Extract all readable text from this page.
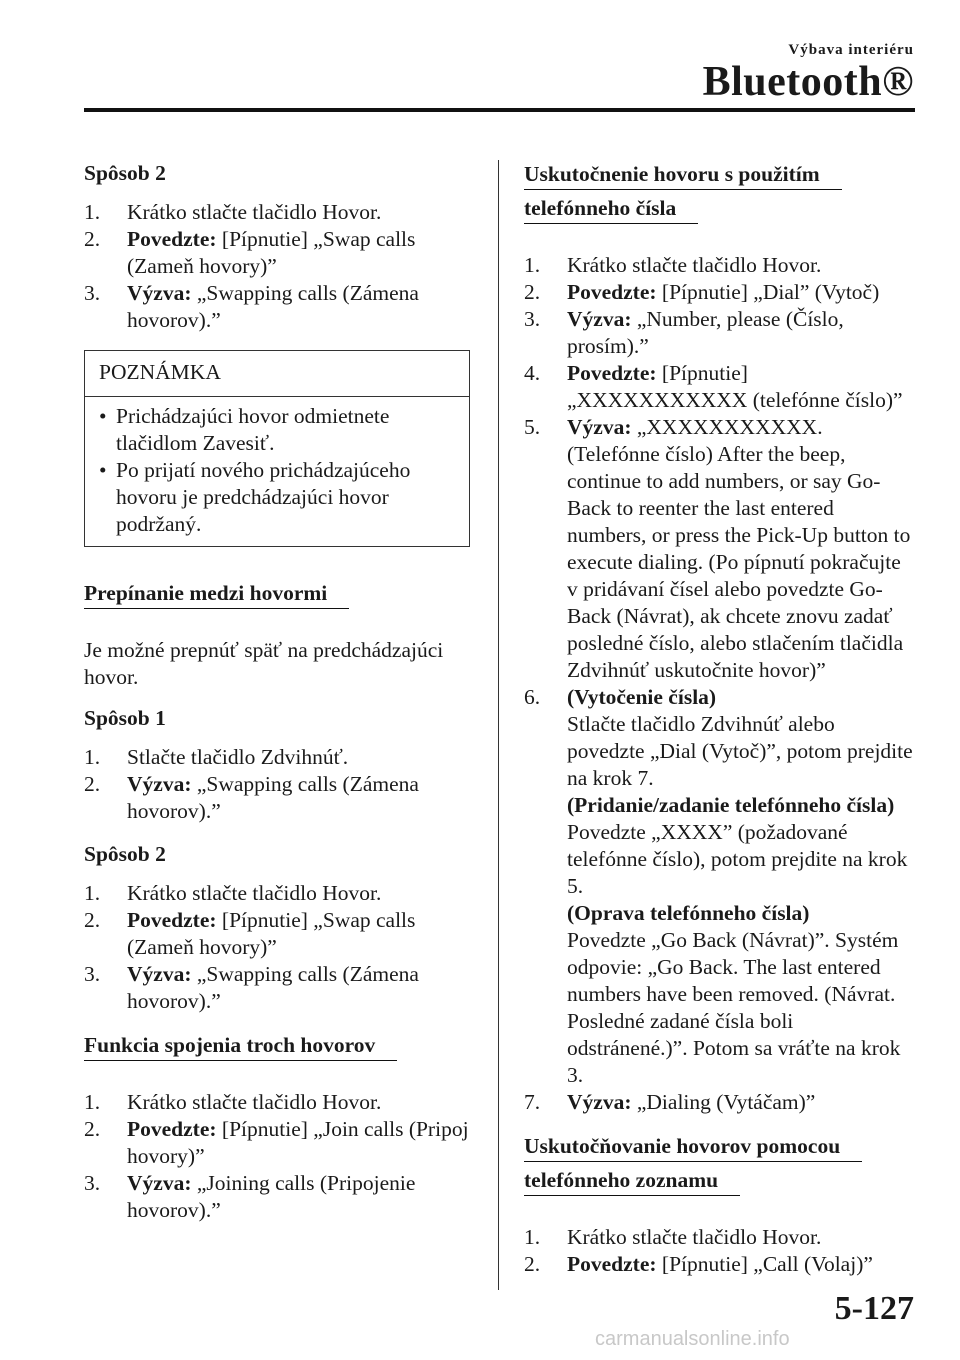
Výbava interiéru
Bluetooth®

Spôsob 2

1. Krátko stlačte tlačidlo Hovor.
2. Povedzte: [Pípnutie] „Swap calls (Zameň hovory)”
3. Výzva: „Swapping calls (Zámena hovorov).”
POZNÁMKA
• Prichádzajúci hovor odmietnete tlačidlom Zavesiť.
• Po prijatí nového prichádzajúceho hovoru je predchádzajúci hovor podržaný.
Prepínanie medzi hovormi

Je možné prepnúť späť na predchádzajúci hovor.

Spôsob 1

1. Stlačte tlačidlo Zdvihnúť.
2. Výzva: „Swapping calls (Zámena hovorov).”

Spôsob 2

1. Krátko stlačte tlačidlo Hovor.
2. Povedzte: [Pípnutie] „Swap calls (Zameň hovory)”
3. Výzva: „Swapping calls (Zámena hovorov).”
Funkcia spojenia troch hovorov
1. Krátko stlačte tlačidlo Hovor.
2. Povedzte: [Pípnutie] „Join calls (Pripoj hovory)”
3. Výzva: „Joining calls (Pripojenie hovorov).”
Uskutočnenie hovoru s použitím
telefónneho čísla
1. Krátko stlačte tlačidlo Hovor.
2. Povedzte: [Pípnutie] „Dial” (Vytoč)
3. Výzva: „Number, please (Číslo, prosím).”
4. Povedzte: [Pípnutie] „XXXXXXXXXXX (telefónne číslo)”
5. Výzva: „XXXXXXXXXXX. (Telefónne číslo) After the beep, continue to add numbers, or say Go-Back to reenter the last entered numbers, or press the Pick-Up button to execute dialing. (Po pípnutí pokračujte v pridávaní čísel alebo povedzte Go-Back (Návrat), ak chcete znovu zadať posledné číslo, alebo stlačením tlačidla Zdvihnúť uskutočnite hovor)”
6. (Vytočenie čísla)
Stlačte tlačidlo Zdvihnúť alebo povedzte „Dial (Vytoč)”, potom prejdite na krok 7.
(Pridanie/zadanie telefónneho čísla)
Povedzte „XXXX” (požadované telefónne číslo), potom prejdite na krok 5.
(Oprava telefónneho čísla)
Povedzte „Go Back (Návrat)”. Systém odpovie: „Go Back. The last entered numbers have been removed. (Návrat. Posledné zadané čísla boli odstránené.)”. Potom sa vráťte na krok 3.
7. Výzva: „Dialing (Vytáčam)”
Uskutočňovanie hovorov pomocou
telefónneho zoznamu
1. Krátko stlačte tlačidlo Hovor.
2. Povedzte: [Pípnutie] „Call (Volaj)”
5-127
carmanualsonline.info
